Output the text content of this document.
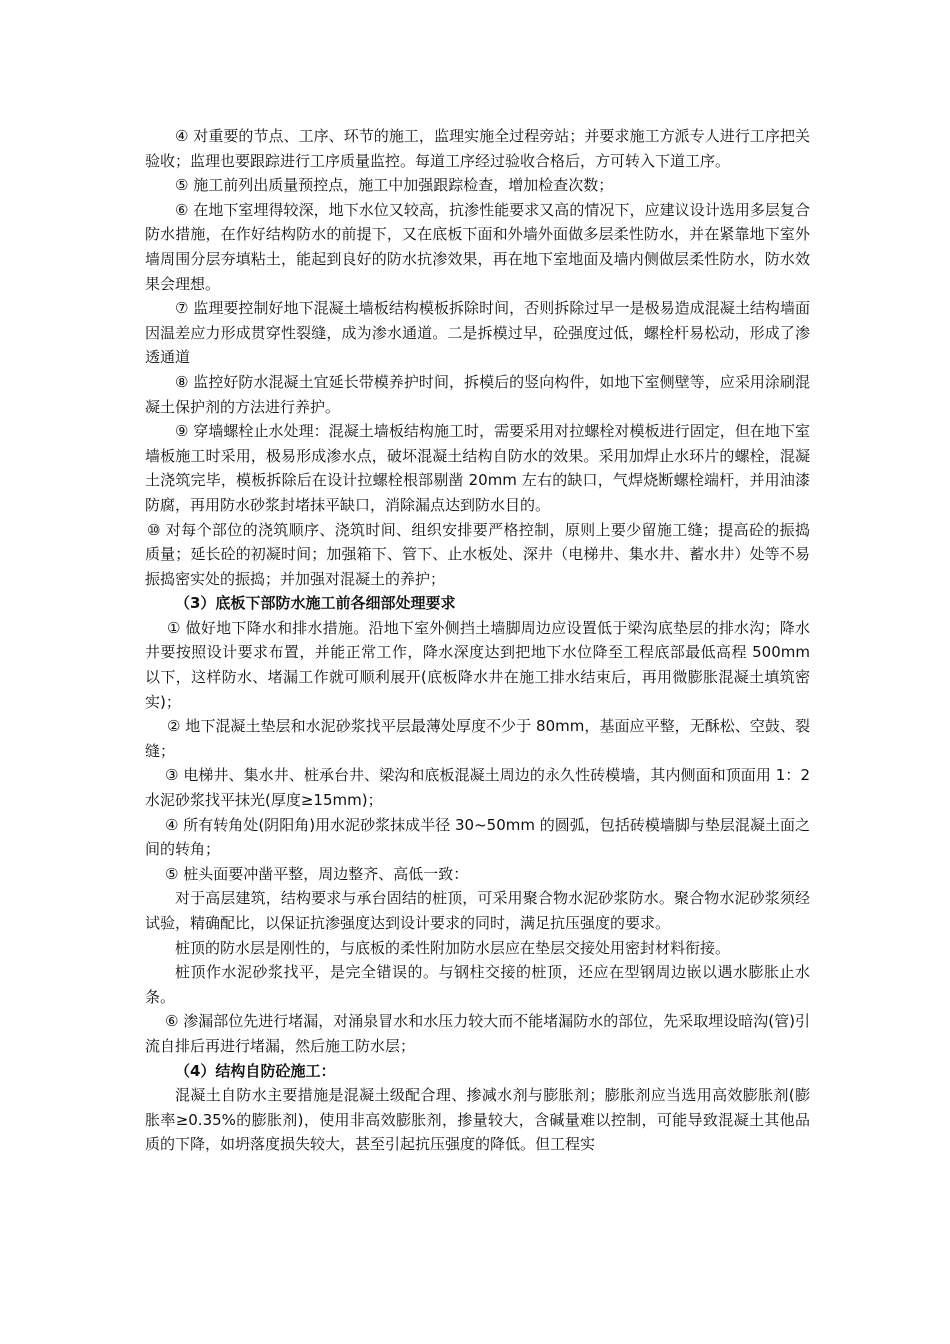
④ 对重要的节点、工序、环节的施工，监理实施全过程旁站；并要求施工方派专人进行工序把关验收；监理也要跟踪进行工序质量监控。每道工序经过验收合格后，方可转入下道工序。

⑤ 施工前列出质量预控点，施工中加强跟踪检查，增加检查次数；

⑥ 在地下室埋得较深，地下水位又较高，抗渗性能要求又高的情况下，应建议设计选用多层复合防水措施，在作好结构防水的前提下，又在底板下面和外墙外面做多层柔性防水，并在紧靠地下室外墙周围分层夯填粘土，能起到良好的防水抗渗效果，再在地下室地面及墙内侧做层柔性防水，防水效果会理想。

⑦ 监理要控制好地下混凝土墙板结构模板拆除时间，否则拆除过早一是极易造成混凝土结构墙面因温差应力形成贯穿性裂缝，成为渗水通道。二是拆模过早，砼强度过低，螺栓杆易松动，形成了渗透通道

⑧ 监控好防水混凝土宜延长带模养护时间，拆模后的竖向构件，如地下室侧壁等，应采用涂刷混凝土保护剂的方法进行养护。

⑨ 穿墙螺栓止水处理：混凝土墙板结构施工时，需要采用对拉螺栓对模板进行固定，但在地下室墙板施工时采用，极易形成渗水点，破坏混凝土结构自防水的效果。采用加焊止水环片的螺栓，混凝土浇筑完毕，模板拆除后在设计拉螺栓根部剔凿 20mm 左右的缺口，气焊烧断螺栓端杆，并用油漆防腐，再用防水砂浆封堵抹平缺口，消除漏点达到防水目的。

⑩ 对每个部位的浇筑顺序、浇筑时间、组织安排要严格控制，原则上要少留施工缝；提高砼的振捣质量；延长砼的初凝时间；加强箱下、管下、止水板处、深井（电梯井、集水井、蓄水井）处等不易振捣密实处的振捣；并加强对混凝土的养护；

（3）底板下部防水施工前各细部处理要求

① 做好地下降水和排水措施。沿地下室外侧挡土墙脚周边应设置低于梁沟底垫层的排水沟；降水井要按照设计要求布置，并能正常工作，降水深度达到把地下水位降至工程底部最低高程 500mm 以下，这样防水、堵漏工作就可顺利展开(底板降水井在施工排水结束后，再用微膨胀混凝土填筑密实)；

② 地下混凝土垫层和水泥砂浆找平层最薄处厚度不少于 80mm，基面应平整，无酥松、空鼓、裂缝；

③ 电梯井、集水井、桩承台井、梁沟和底板混凝土周边的永久性砖模墙，其内侧面和顶面用 1：2 水泥砂浆找平抹光(厚度≥15mm)；

④ 所有转角处(阴阳角)用水泥砂浆抹成半径 30~50mm 的圆弧，包括砖模墙脚与垫层混凝土面之间的转角；

⑤ 桩头面要冲凿平整，周边整齐、高低一致：

对于高层建筑，结构要求与承台固结的桩顶，可采用聚合物水泥砂浆防水。聚合物水泥砂浆须经试验，精确配比，以保证抗渗强度达到设计要求的同时，满足抗压强度的要求。

桩顶的防水层是刚性的，与底板的柔性附加防水层应在垫层交接处用密封材料衔接。

桩顶作水泥砂浆找平，是完全错误的。与钢柱交接的桩顶，还应在型钢周边嵌以遇水膨胀止水条。

⑥ 渗漏部位先进行堵漏，对涌泉冒水和水压力较大而不能堵漏防水的部位，先采取埋设暗沟(管)引流自排后再进行堵漏，然后施工防水层；

（4）结构自防砼施工：

混凝土自防水主要措施是混凝土级配合理、掺减水剂与膨胀剂；膨胀剂应当选用高效膨胀剂(膨胀率≥0.35%的膨胀剂)，使用非高效膨胀剂，掺量较大，含碱量难以控制，可能导致混凝土其他品质的下降，如坍落度损失较大，甚至引起抗压强度的降低。但工程实
